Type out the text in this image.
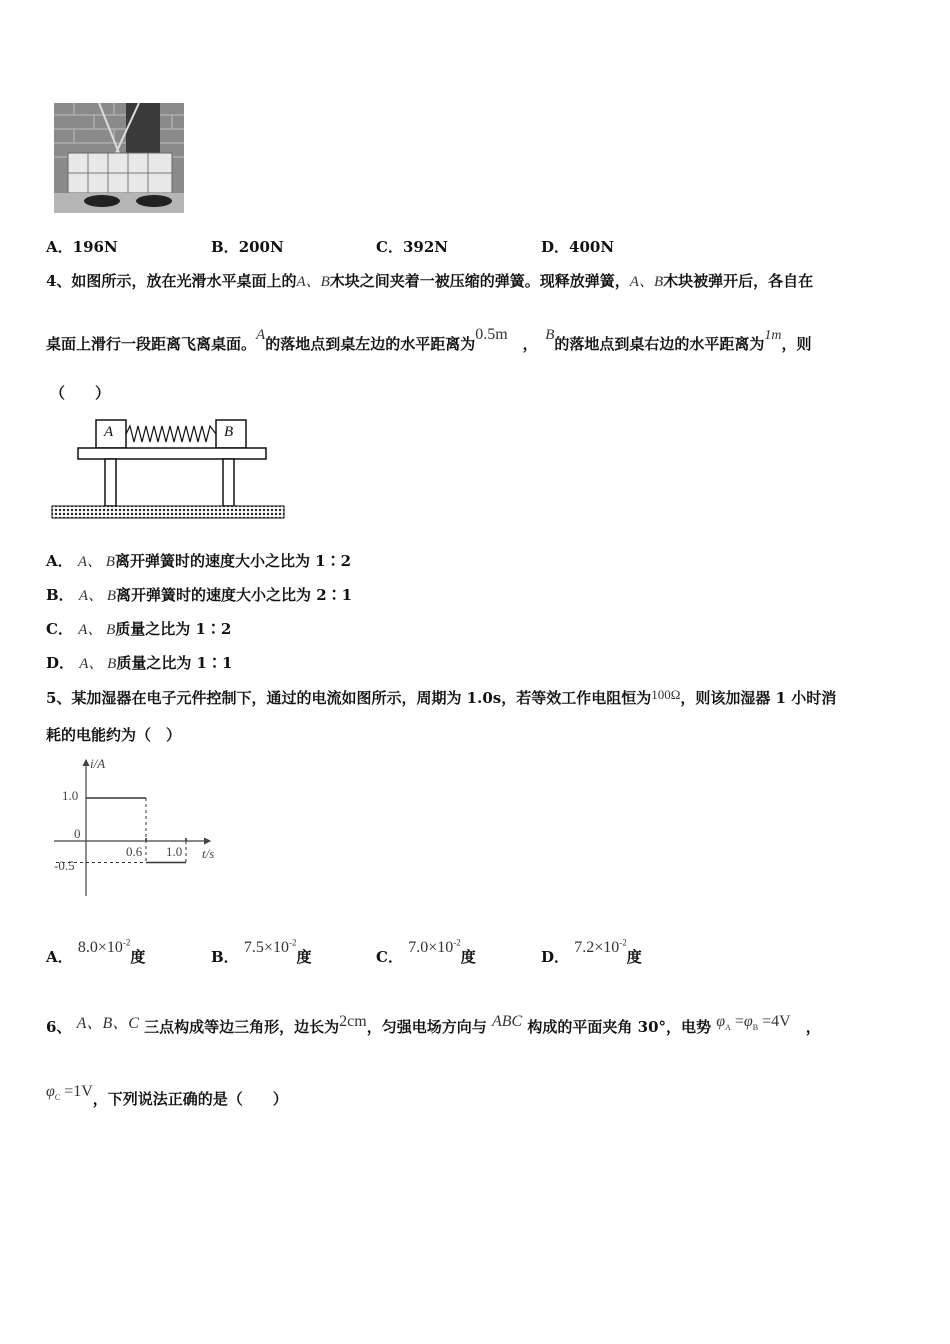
A．196N	B．200N	C．392N	D．400N
4、如图所示，放在光滑水平桌面上的A、B木块之间夹着一被压缩的弹簧。现释放弹簧，A、B木块被弹开后，各自在
桌面上滑行一段距离飞离桌面。A的落地点到桌左边的水平距离为0.5m　，　 B的落地点到桌右边的水平距离为1m，则
（　　）
A	B
A． A、 B离开弹簧时的速度大小之比为 1∶2
B． A、 B离开弹簧时的速度大小之比为 2∶1
C． A、 B质量之比为 1∶2
D． A、 B质量之比为 1∶1
5、某加湿器在电子元件控制下，通过的电流如图所示，周期为 1.0s，若等效工作电阻恒为100Ω，则该加湿器 1 小时消
耗的电能约为（　）
i/A
t/s
1.0
0
-0.5
0.6 1.0
A． $8.0\times 10^{-2}$度	B． $7.5\times 10^{-2}$度	C． $7.0\times 10^{-2}$度	D． $7.2\times 10^{-2}$度
6、 A、B、C 三点构成等边三角形，边长为2cm，匀强电场方向与 ABC 构成的平面夹角 30°，电势 $\varphi_A =\varphi_B =4V$　 ，
$\varphi_C =1V$，下列说法正确的是（　　）
